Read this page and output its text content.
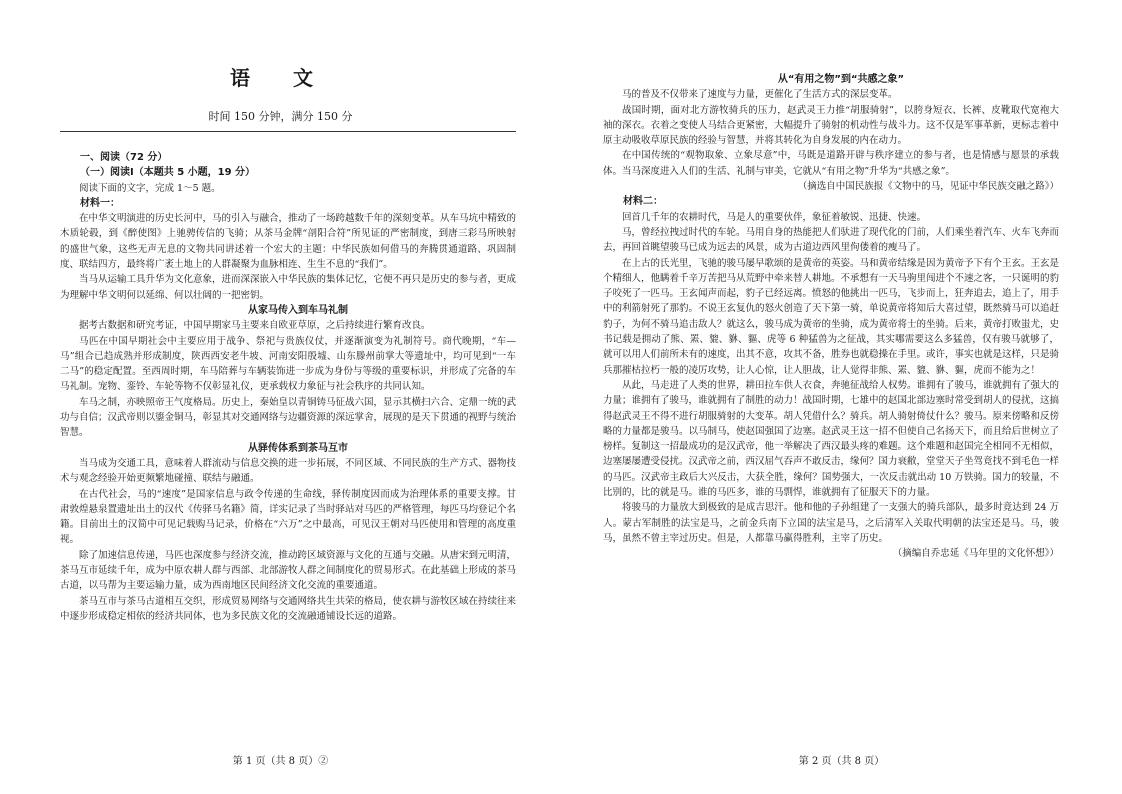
语 文
时间 150 分钟，满分 150 分

一、阅读（72 分）

（一）阅读Ⅰ（本题共 5 小题，19 分）

阅读下面的文字，完成 1～5 题。

材料一：

在中华文明演进的历史长河中，马的引入与融合，推动了一场跨越数千年的深刻变革。从车马坑中精致的木质轮毂，到《醉使图》上驰骋传信的飞骑；从茶马金牌“剖阳合符”所见证的严密制度，到唐三彩马所映射的盛世气象，这些无声无息的文物共同讲述着一个宏大的主题：中华民族如何借马的奔腾贯通道路、巩固制度、联结四方，最终将广袤土地上的人群凝聚为血脉相连、生生不息的“我们”。

当马从运输工具升华为文化意象，进而深深嵌入中华民族的集体记忆，它便不再只是历史的参与者，更成为理解中华文明何以延绵、何以壮阔的一把密钥。

从家马传入到车马礼制

据考古数据和研究考证，中国早期家马主要来自欧亚草原，之后持续进行繁育改良。

马匹在中国早期社会中主要应用于战争、祭祀与贵族仪仗，并逐渐演变为礼制符号。商代晚期，“车—马”组合已趋成熟并形成制度，陕西西安老牛坡、河南安阳殷墟、山东滕州前掌大等遗址中，均可见到“一车二马”的稳定配置。至西周时期，车马陪葬与车辆装饰进一步成为身份与等级的重要标识，并形成了完备的车马礼制。宠物、銮铃、车轮等物不仅彰显礼仪，更承载权力象征与社会秩序的共同认知。

车马之制，亦映照帝王气度格局。历史上，秦始皇以青铜铸马征战六国，显示其横扫六合、定鼎一统的武功与自信；汉武帝则以鎏金铜马，彰显其对交通网络与边疆资源的深远掌舍，展现的是天下贯通的视野与统治智慧。

从驿传体系到茶马互市

当马成为交通工具，意味着人群流动与信息交换的进一步拓展，不同区域、不同民族的生产方式、器物技术与观念经验开始更频繁地碰撞、联结与融通。

在古代社会，马的“速度”是国家信息与政令传递的生命线，驿传制度因而成为治理体系的重要支撑。甘肃敦煌悬泉置遗址出土的汉代《传驿马名籍》简，详实记录了当时驿站对马匹的严格管理，每匹马均登记个名籍。目前出土的汉简中可见记载购马记录，价格在“六万”之中最高，可见汉王朝对马匹使用和管理的高度重视。

除了加速信息传递，马匹也深度参与经济交流，推动跨区域资源与文化的互通与交融。从唐宋到元明清，茶马互市延续千年，成为中原农耕人群与西部、北部游牧人群之间制度化的贸易形式。在此基础上形成的茶马古道，以马帮为主要运输力量，成为西南地区民间经济文化交流的重要通道。

茶马互市与茶马古道相互交织，形成贸易网络与交通网络共生共荣的格局，使农耕与游牧区域在持续往来中逐步形成稳定相依的经济共同体，也为多民族文化的交流融通铺设长远的道路。

第 1 页（共 8 页）②

从“有用之物”到“共感之象”

马的普及不仅带来了速度与力量，更催化了生活方式的深层变革。

战国时期，面对北方游牧骑兵的压力，赵武灵王力推“胡服骑射”，以胯身短衣、长裤、皮靴取代宽袍大袖的深衣。衣着之变使人马结合更紧密，大幅提升了骑射的机动性与战斗力。这不仅是军事革新，更标志着中原主动吸收草原民族的经验与智慧，并将其转化为自身发展的内在动力。

在中国传统的“观物取象、立象尽意”中，马既是道路开辟与秩序建立的参与者，也是情感与愿景的承载体。当马深度进入人们的生活、礼制与审美，它就从“有用之物”升华为“共感之象”。

（摘选自中国民族报《文物中的马，见证中华民族交融之路》）

材料二：

回首几千年的农耕时代，马是人的重要伙伴，象征着敏锐、迅捷、快速。

马，曾经拉拽过时代的车轮。马用自身的热能把人们驮进了现代化的门前，人们乘坐着汽车、火车飞奔而去，再回首眺望骏马已成为远去的风景，成为古道边西风里佝偻着的瘦马了。

在上古的氏光里，飞驰的骏马屡早歌颂的是黄帝的英姿。马和黄帝结缘是因为黄帝予下有个王玄。王玄是个精细人，他瞒着千辛万苦把马从荒野中牵来替人耕地。不承想有一天马驹里闯进个不速之客，一只诞明的豹子咬死了一匹马。王玄闻声而起，豹子已经远离。愤怒的他挑出一匹马，飞步而上，狂奔追去，追上了，用手中的利箭射死了那豹。不说王玄复仇的怒火创造了天下第一骑，单说黄帝将知后大喜过望，既然骑马可以追赶豹子，为何不骑马追击敌人？就这么，骏马成为黄帝的坐骑，成为黄帝将士的坐骑。后来，黄帝打败蚩尤，史书记载是拥动了熊、罴、貔、貅、貙、虎等 6 种猛兽为之征战，其实哪需要这么多猛兽，仅有骏马就够了，就可以用人们前所未有的速度，出其不意，攻其不备，胜券也就稳操在手里。或许，事实也就是这样，只是骑兵那摧枯拉朽一般的凌厉攻势，让人心惊，让人胆战，让人觉得非熊、罴、貔、貅、貙，虎而不能为之！

从此，马走进了人类的世界，耕田拉车供人衣食，奔驰征战给人权势。谁拥有了骏马，谁就拥有了强大的力量；谁拥有了骏马，谁就拥有了制胜的动力！战国时期，七雄中的赵国北部边塞时常受到胡人的侵扰，这搞得赵武灵王不得不进行胡服骑射的大变革。胡人凭借什么？骑兵。胡人骑射倚仗什么？骏马。原来傍略和反傍略的力量都是骏马。以马制马，使赵国强国了边塞。赵武灵王这一招不但使自己名扬天下，而且给后世树立了榜样。复制这一招最成功的是汉武帝，他一举解决了西汉最头疼的难题。这个难题和赵国完全相同不无相似，边塞屡屡遭受侵扰。汉武帝之前，西汉屈气吞声不敢反击，缘何？国力衰敝，堂堂天子坐驾竟找不到毛色一样的马匹。汉武帝主政后大兴反击，大获全胜，缘何？国势强大，一次反击就出动 10 万铁骑。国力的较量，不比别的，比的就是马。谁的马匹多，谁的马剽悍，谁就拥有了征服天下的力量。

将骏马的力量放大到极致的是成吉思汗。他和他的子孙组建了一支强大的骑兵部队，最多时竟达到 24 万人。蒙古军制胜的法宝是马，之前金兵南下立国的法宝是马，之后清军入关取代明朝的法宝还是马。马，骏马，虽然不曾主宰过历史。但是，人都靠马赢得胜利，主宰了历史。

（摘编自乔忠延《马年里的文化怀想》）

第 2 页（共 8 页）
